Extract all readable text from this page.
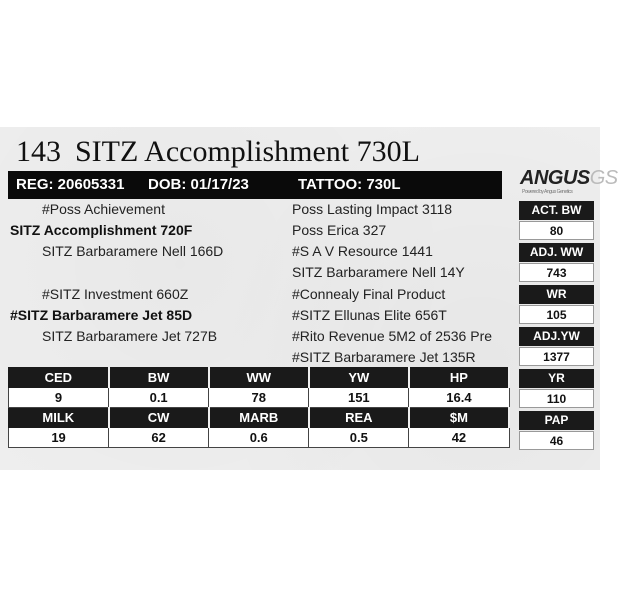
143 SITZ Accomplishment 730L
REG: 20605331 DOB: 01/17/23	TATTOO: 730L	ANGUSGS
Powered by Angus Genetics
#Poss Achievement
SITZ Accomplishment 720F
SITZ Barbaramere Nell 166D
#SITZ Investment 660Z
#SITZ Barbaramere Jet 85D
SITZ Barbaramere Jet 727B
Poss Lasting Impact 3118
Poss Erica 327
#S A V Resource 1441
SITZ Barbaramere Nell 14Y
#Connealy Final Product
#SITZ Ellunas Elite 656T
#Rito Revenue 5M2 of 2536 Pre
#SITZ Barbaramere Jet 135R
ACT. BW
80
ADJ. WW
743
WR
105
ADJ.YW
1377
YR
110
PAP
46
CED	BW	WW	YW	HP
9	0.1	78	151	16.4
MILK	CW	MARB	REA	$M
19	62	0.6	0.5	42
